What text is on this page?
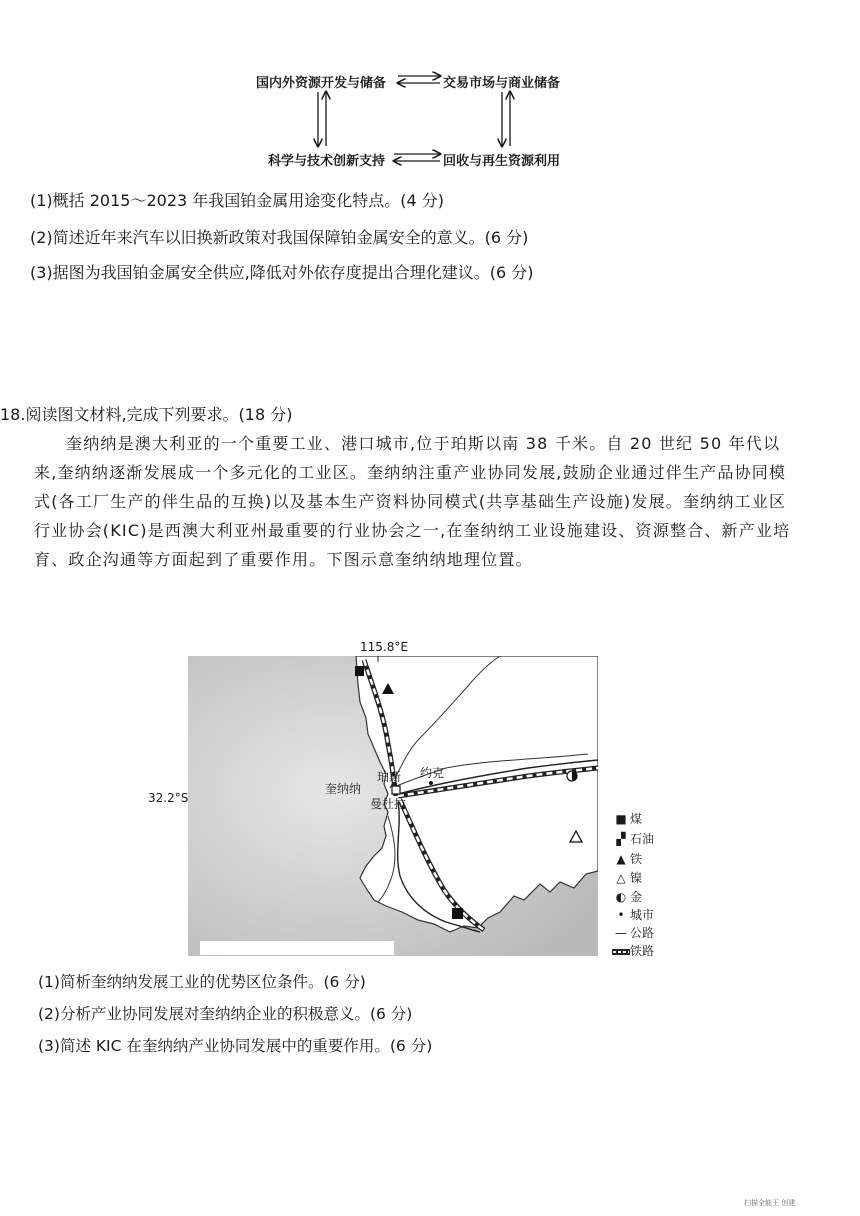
国内外资源开发与储备	交易市场与商业储备
科学与技术创新支持	回收与再生资源利用
(1)概括 2015～2023 年我国铂金属用途变化特点。(4 分)
(2)简述近年来汽车以旧换新政策对我国保障铂金属安全的意义。(6 分)
(3)据图为我国铂金属安全供应,降低对外依存度提出合理化建议。(6 分)
18.阅读图文材料,完成下列要求。(18 分)

奎纳纳是澳大利亚的一个重要工业、港口城市,位于珀斯以南 38 千米。自 20 世纪 50 年代以来,奎纳纳逐渐发展成一个多元化的工业区。奎纳纳注重产业协同发展,鼓励企业通过伴生产品协同模式(各工厂生产的伴生品的互换)以及基本生产资料协同模式(共享基础生产设施)发展。奎纳纳工业区行业协会(KIC)是西澳大利亚州最重要的行业协会之一,在奎纳纳工业设施建设、资源整合、新产业培育、政企沟通等方面起到了重要作用。下图示意奎纳纳地理位置。

115.8°E
32.2°S
珀斯 约克
奎纳纳
曼杜拉
■ 煤
▞ 石油
▲ 铁
△ 镍
◐ 金
• 城市
— 公路
铁路
(1)简析奎纳纳发展工业的优势区位条件。(6 分)
(2)分析产业协同发展对奎纳纳企业的积极意义。(6 分)
(3)简述 KIC 在奎纳纳产业协同发展中的重要作用。(6 分)
扫描全能王 创建
